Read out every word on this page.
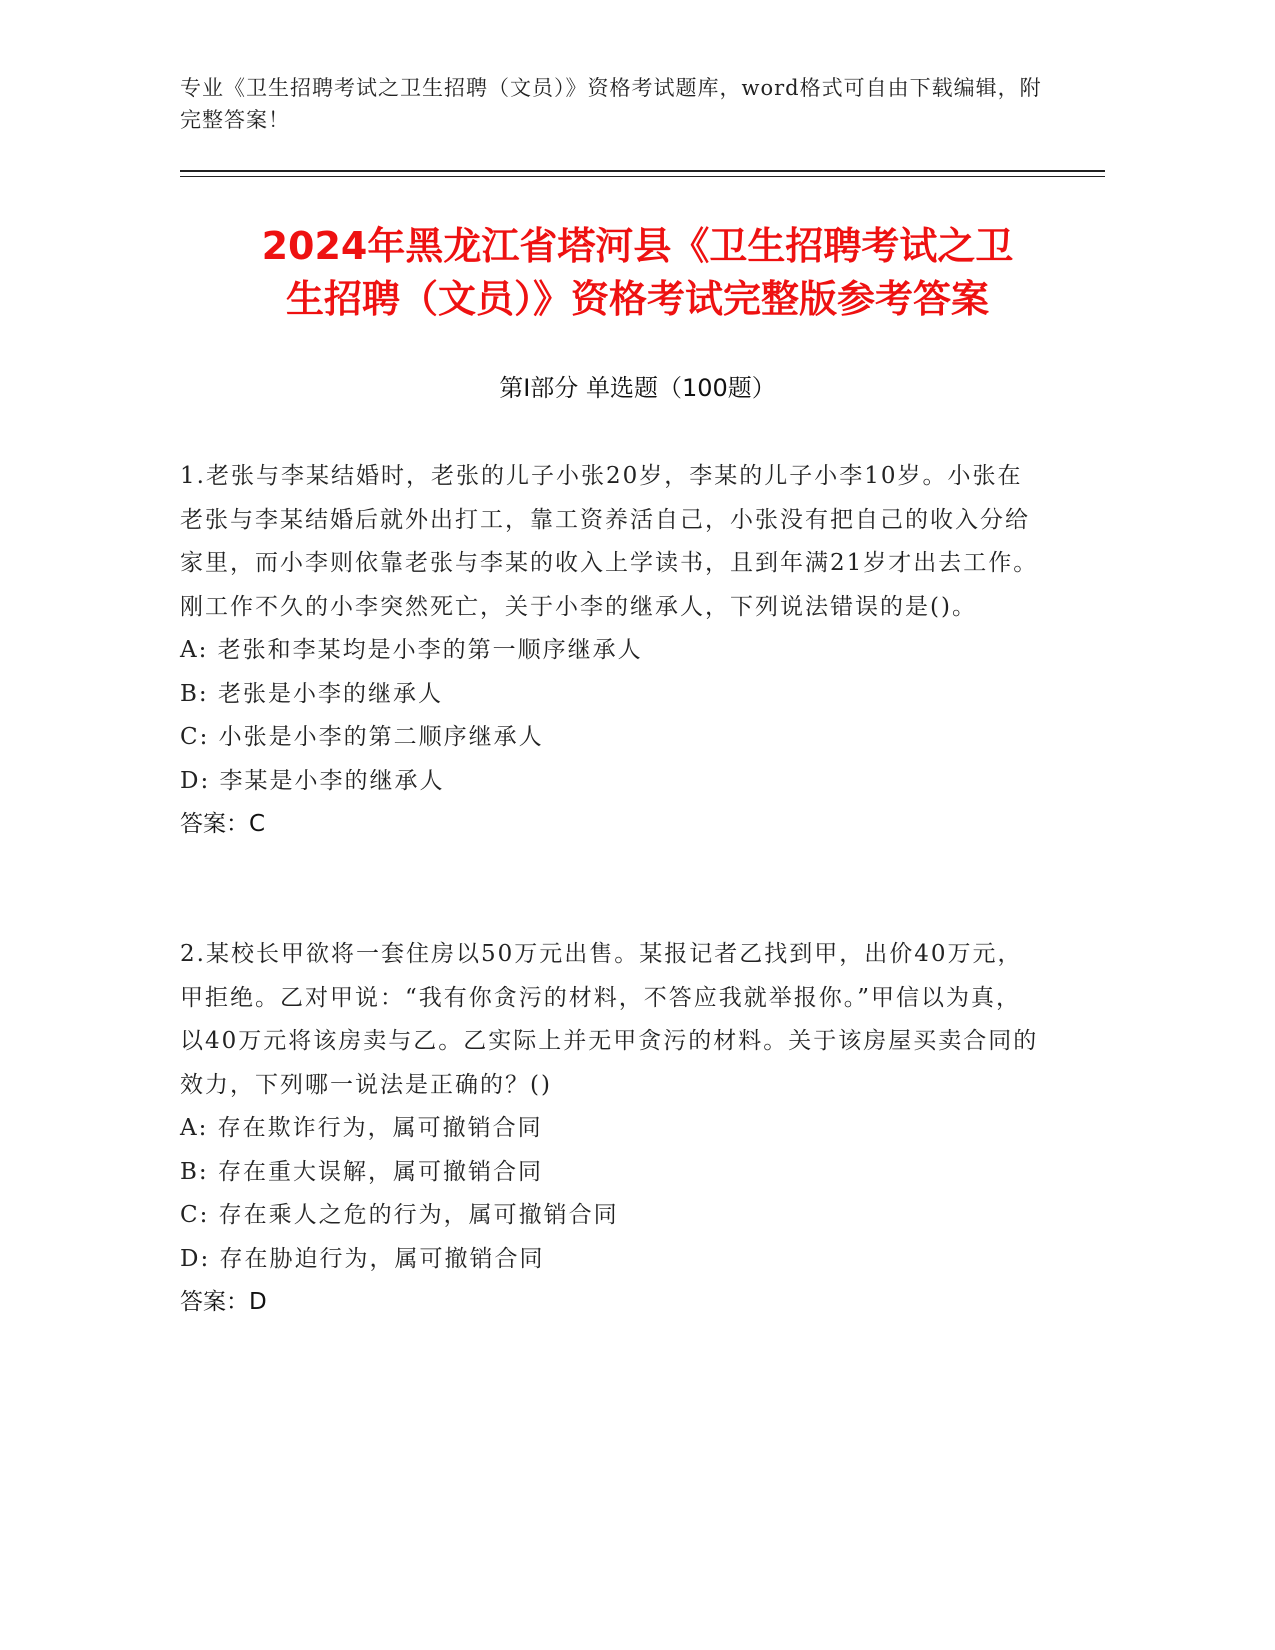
专业《卫生招聘考试之卫生招聘（文员）》资格考试题库，word格式可自由下载编辑，附完整答案！
2024年黑龙江省塔河县《卫生招聘考试之卫
生招聘（文员）》资格考试完整版参考答案
第Ⅰ部分 单选题（100题）
1.老张与李某结婚时，老张的儿子小张20岁，李某的儿子小李10岁。小张在老张与李某结婚后就外出打工，靠工资养活自己，小张没有把自己的收入分给家里，而小李则依靠老张与李某的收入上学读书，且到年满21岁才出去工作。刚工作不久的小李突然死亡，关于小李的继承人，下列说法错误的是()。
A: 老张和李某均是小李的第一顺序继承人
B: 老张是小李的继承人
C: 小张是小李的第二顺序继承人
D: 李某是小李的继承人
答案：C
2.某校长甲欲将一套住房以50万元出售。某报记者乙找到甲，出价40万元，甲拒绝。乙对甲说：“我有你贪污的材料，不答应我就举报你。”甲信以为真，以40万元将该房卖与乙。乙实际上并无甲贪污的材料。关于该房屋买卖合同的效力，下列哪一说法是正确的？()
A: 存在欺诈行为，属可撤销合同
B: 存在重大误解，属可撤销合同
C: 存在乘人之危的行为，属可撤销合同
D: 存在胁迫行为，属可撤销合同
答案：D
